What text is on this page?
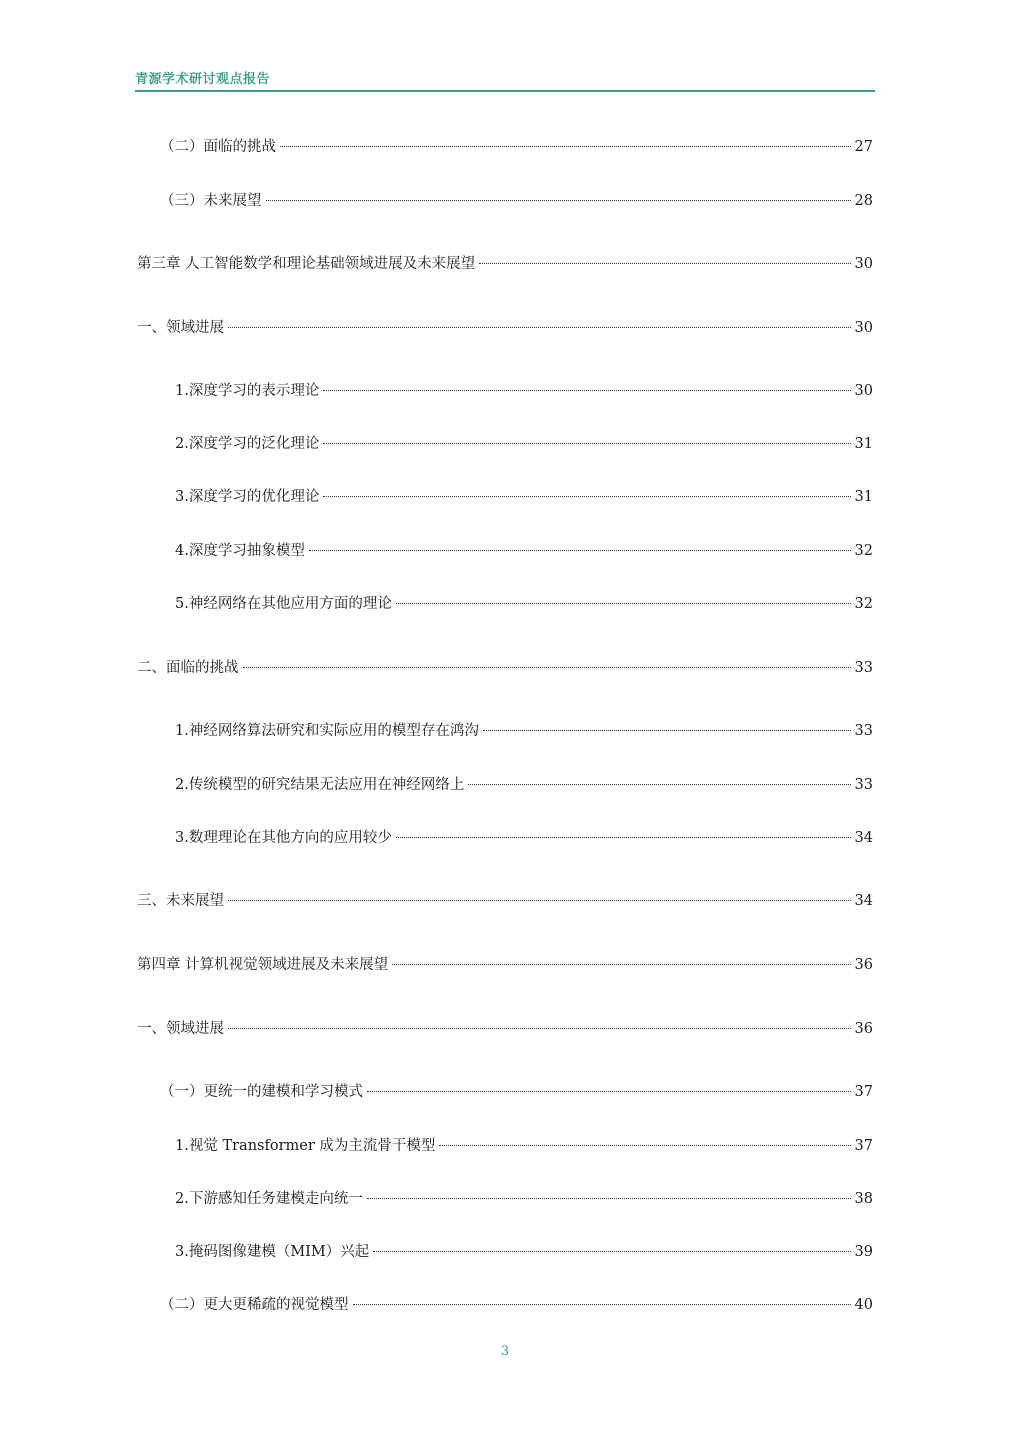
青源学术研讨观点报告
（二）面临的挑战	27
（三）未来展望	28
第三章 人工智能数学和理论基础领域进展及未来展望	30
一、领域进展	30
1.深度学习的表示理论	30
2.深度学习的泛化理论	31
3.深度学习的优化理论	31
4.深度学习抽象模型	32
5.神经网络在其他应用方面的理论	32
二、面临的挑战	33
1.神经网络算法研究和实际应用的模型存在鸿沟	33
2.传统模型的研究结果无法应用在神经网络上	33
3.数理理论在其他方向的应用较少	34
三、未来展望	34
第四章 计算机视觉领域进展及未来展望	36
一、领域进展	36
（一）更统一的建模和学习模式	37
1.视觉 Transformer 成为主流骨干模型	37
2.下游感知任务建模走向统一	38
3.掩码图像建模（MIM）兴起	39
（二）更大更稀疏的视觉模型	40
3
